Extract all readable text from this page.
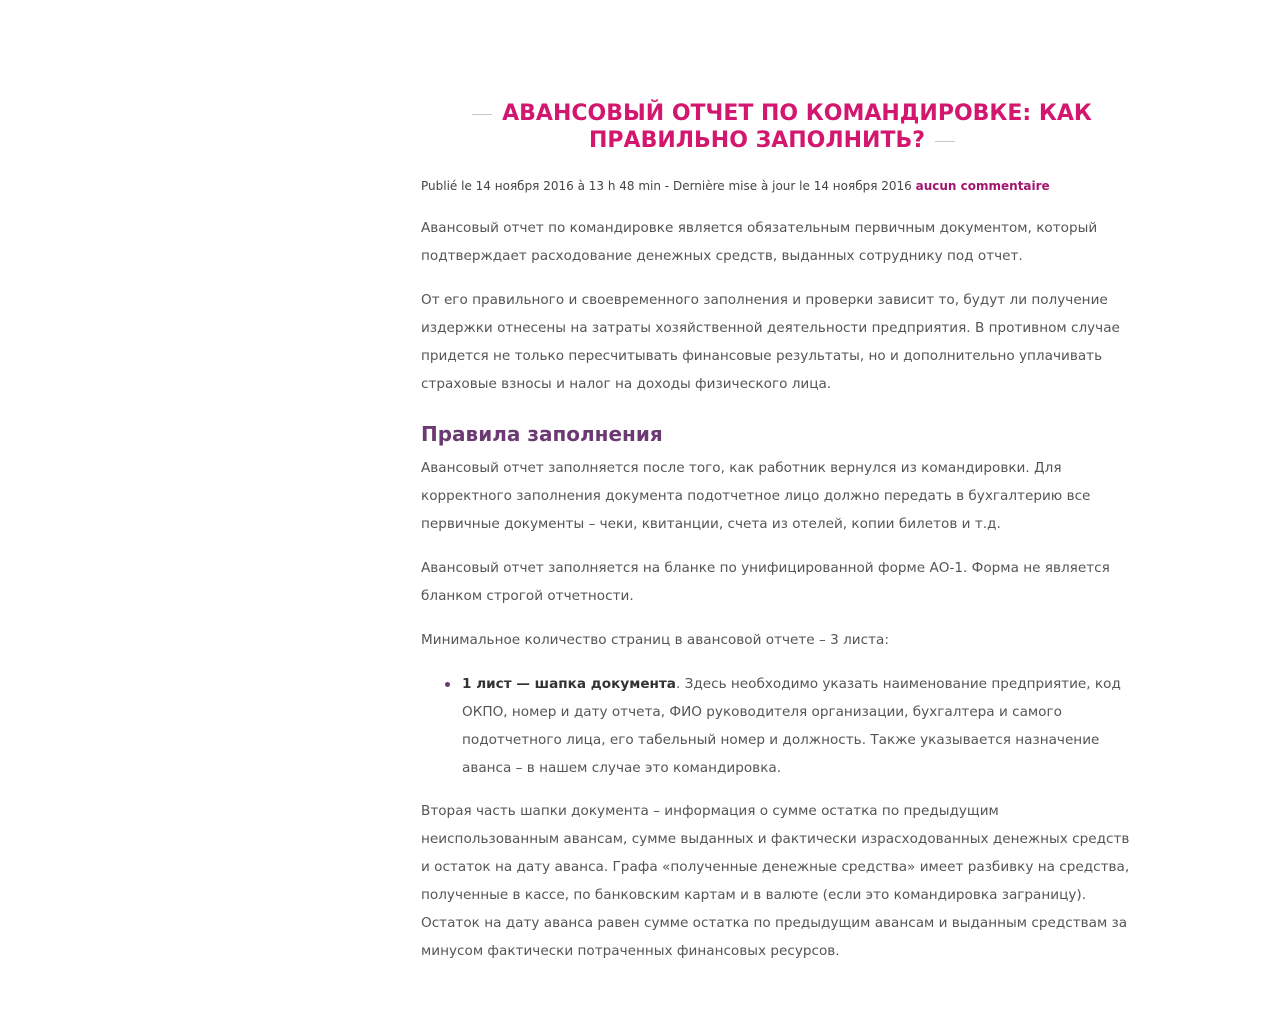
АВАНСОВЫЙ ОТЧЕТ ПО КОМАНДИРОВКЕ: КАК
ПРАВИЛЬНО ЗАПОЛНИТЬ?
Publié le 14 ноября 2016 à 13 h 48 min - Dernière mise à jour le 14 ноября 2016 aucun commentaire

Авансовый отчет по командировке является обязательным первичным документом, который подтверждает расходование денежных средств, выданных сотруднику под отчет.

От его правильного и своевременного заполнения и проверки зависит то, будут ли получение издержки отнесены на затраты хозяйственной деятельности предприятия. В противном случае придется не только пересчитывать финансовые результаты, но и дополнительно уплачивать страховые взносы и налог на доходы физического лица.

Правила заполнения

Авансовый отчет заполняется после того, как работник вернулся из командировки. Для корректного заполнения документа подотчетное лицо должно передать в бухгалтерию все первичные документы – чеки, квитанции, счета из отелей, копии билетов и т.д.

Авансовый отчет заполняется на бланке по унифицированной форме АО-1. Форма не является бланком строгой отчетности.

Минимальное количество страниц в авансовой отчете – 3 листа:

1 лист — шапка документа. Здесь необходимо указать наименование предприятие, код ОКПО, номер и дату отчета, ФИО руководителя организации, бухгалтера и самого подотчетного лица, его табельный номер и должность. Также указывается назначение аванса – в нашем случае это командировка.

Вторая часть шапки документа – информация о сумме остатка по предыдущим неиспользованным авансам, сумме выданных и фактически израсходованных денежных средств и остаток на дату аванса. Графа «полученные денежные средства» имеет разбивку на средства, полученные в кассе, по банковским картам и в валюте (если это командировка заграницу). Остаток на дату аванса равен сумме остатка по предыдущим авансам и выданным средствам за минусом фактически потраченных финансовых ресурсов.
